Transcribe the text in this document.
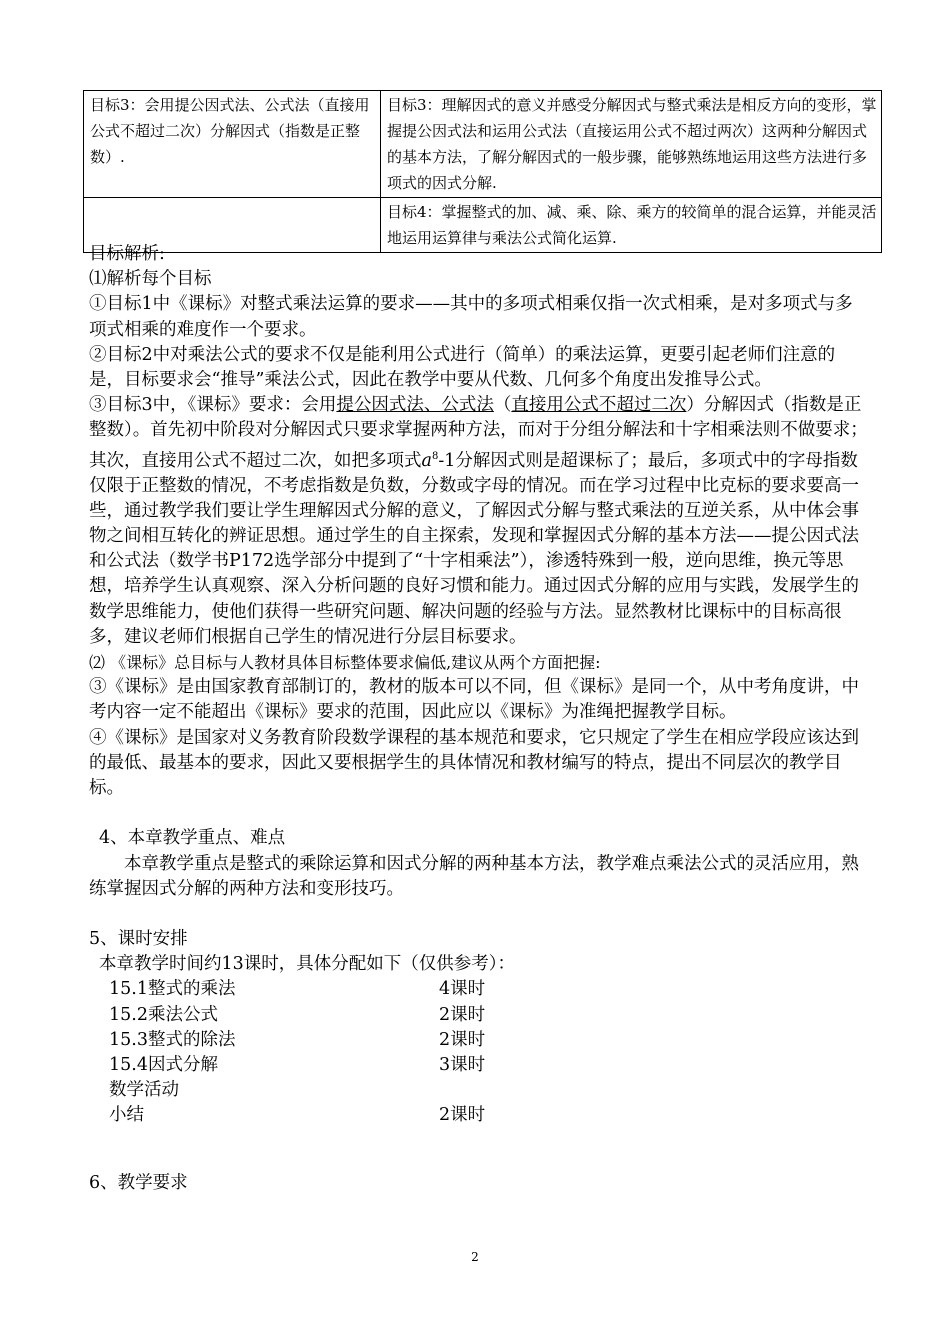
目标3：会用提公因式法、公式法（直接用公式不超过二次）分解因式（指数是正整数）.	目标3：理解因式的意义并感受分解因式与整式乘法是相反方向的变形，掌握提公因式法和运用公式法（直接运用公式不超过两次）这两种分解因式的基本方法，了解分解因式的一般步骤，能够熟练地运用这些方法进行多项式的因式分解.
	目标4：掌握整式的加、减、乘、除、乘方的较简单的混合运算，并能灵活地运用运算律与乘法公式简化运算.

目标解析:

⑴解析每个目标

①目标1中《课标》对整式乘法运算的要求——其中的多项式相乘仅指一次式相乘，是对多项式与多项式相乘的难度作一个要求。

②目标2中对乘法公式的要求不仅是能利用公式进行（简单）的乘法运算，更要引起老师们注意的是，目标要求会“推导”乘法公式，因此在教学中要从代数、几何多个角度出发推导公式。

③目标3中，《课标》要求：会用提公因式法、公式法（直接用公式不超过二次）分解因式（指数是正整数）。首先初中阶段对分解因式只要求掌握两种方法，而对于分组分解法和十字相乘法则不做要求；其次，直接用公式不超过二次，如把多项式$a^8-1$分解因式则是超课标了；最后，多项式中的字母指数仅限于正整数的情况，不考虑指数是负数，分数或字母的情况。而在学习过程中比克标的要求要高一些，通过教学我们要让学生理解因式分解的意义，了解因式分解与整式乘法的互逆关系，从中体会事物之间相互转化的辨证思想。通过学生的自主探索，发现和掌握因式分解的基本方法——提公因式法和公式法（数学书P172选学部分中提到了“十字相乘法”），渗透特殊到一般，逆向思维，换元等思想，培养学生认真观察、深入分析问题的良好习惯和能力。通过因式分解的应用与实践，发展学生的数学思维能力，使他们获得一些研究问题、解决问题的经验与方法。显然教材比课标中的目标高很多，建议老师们根据自己学生的情况进行分层目标要求。

⑵ 《课标》总目标与人教材具体目标整体要求偏低,建议从两个方面把握:

③《课标》是由国家教育部制订的，教材的版本可以不同，但《课标》是同一个，从中考角度讲，中考内容一定不能超出《课标》要求的范围，因此应以《课标》为准绳把握教学目标。

④《课标》是国家对义务教育阶段数学课程的基本规范和要求，它只规定了学生在相应学段应该达到的最低、最基本的要求，因此又要根据学生的具体情况和教材编写的特点，提出不同层次的教学目标。

4、本章教学重点、难点

本章教学重点是整式的乘除运算和因式分解的两种基本方法，教学难点乘法公式的灵活应用，熟练掌握因式分解的两种方法和变形技巧。

5、课时安排

本章教学时间约13课时，具体分配如下（仅供参考）：

15.1整式的乘法	4课时
15.2乘法公式	2课时
15.3整式的除法	2课时
15.4因式分解	3课时
数学活动
小结	2课时

6、教学要求

2
